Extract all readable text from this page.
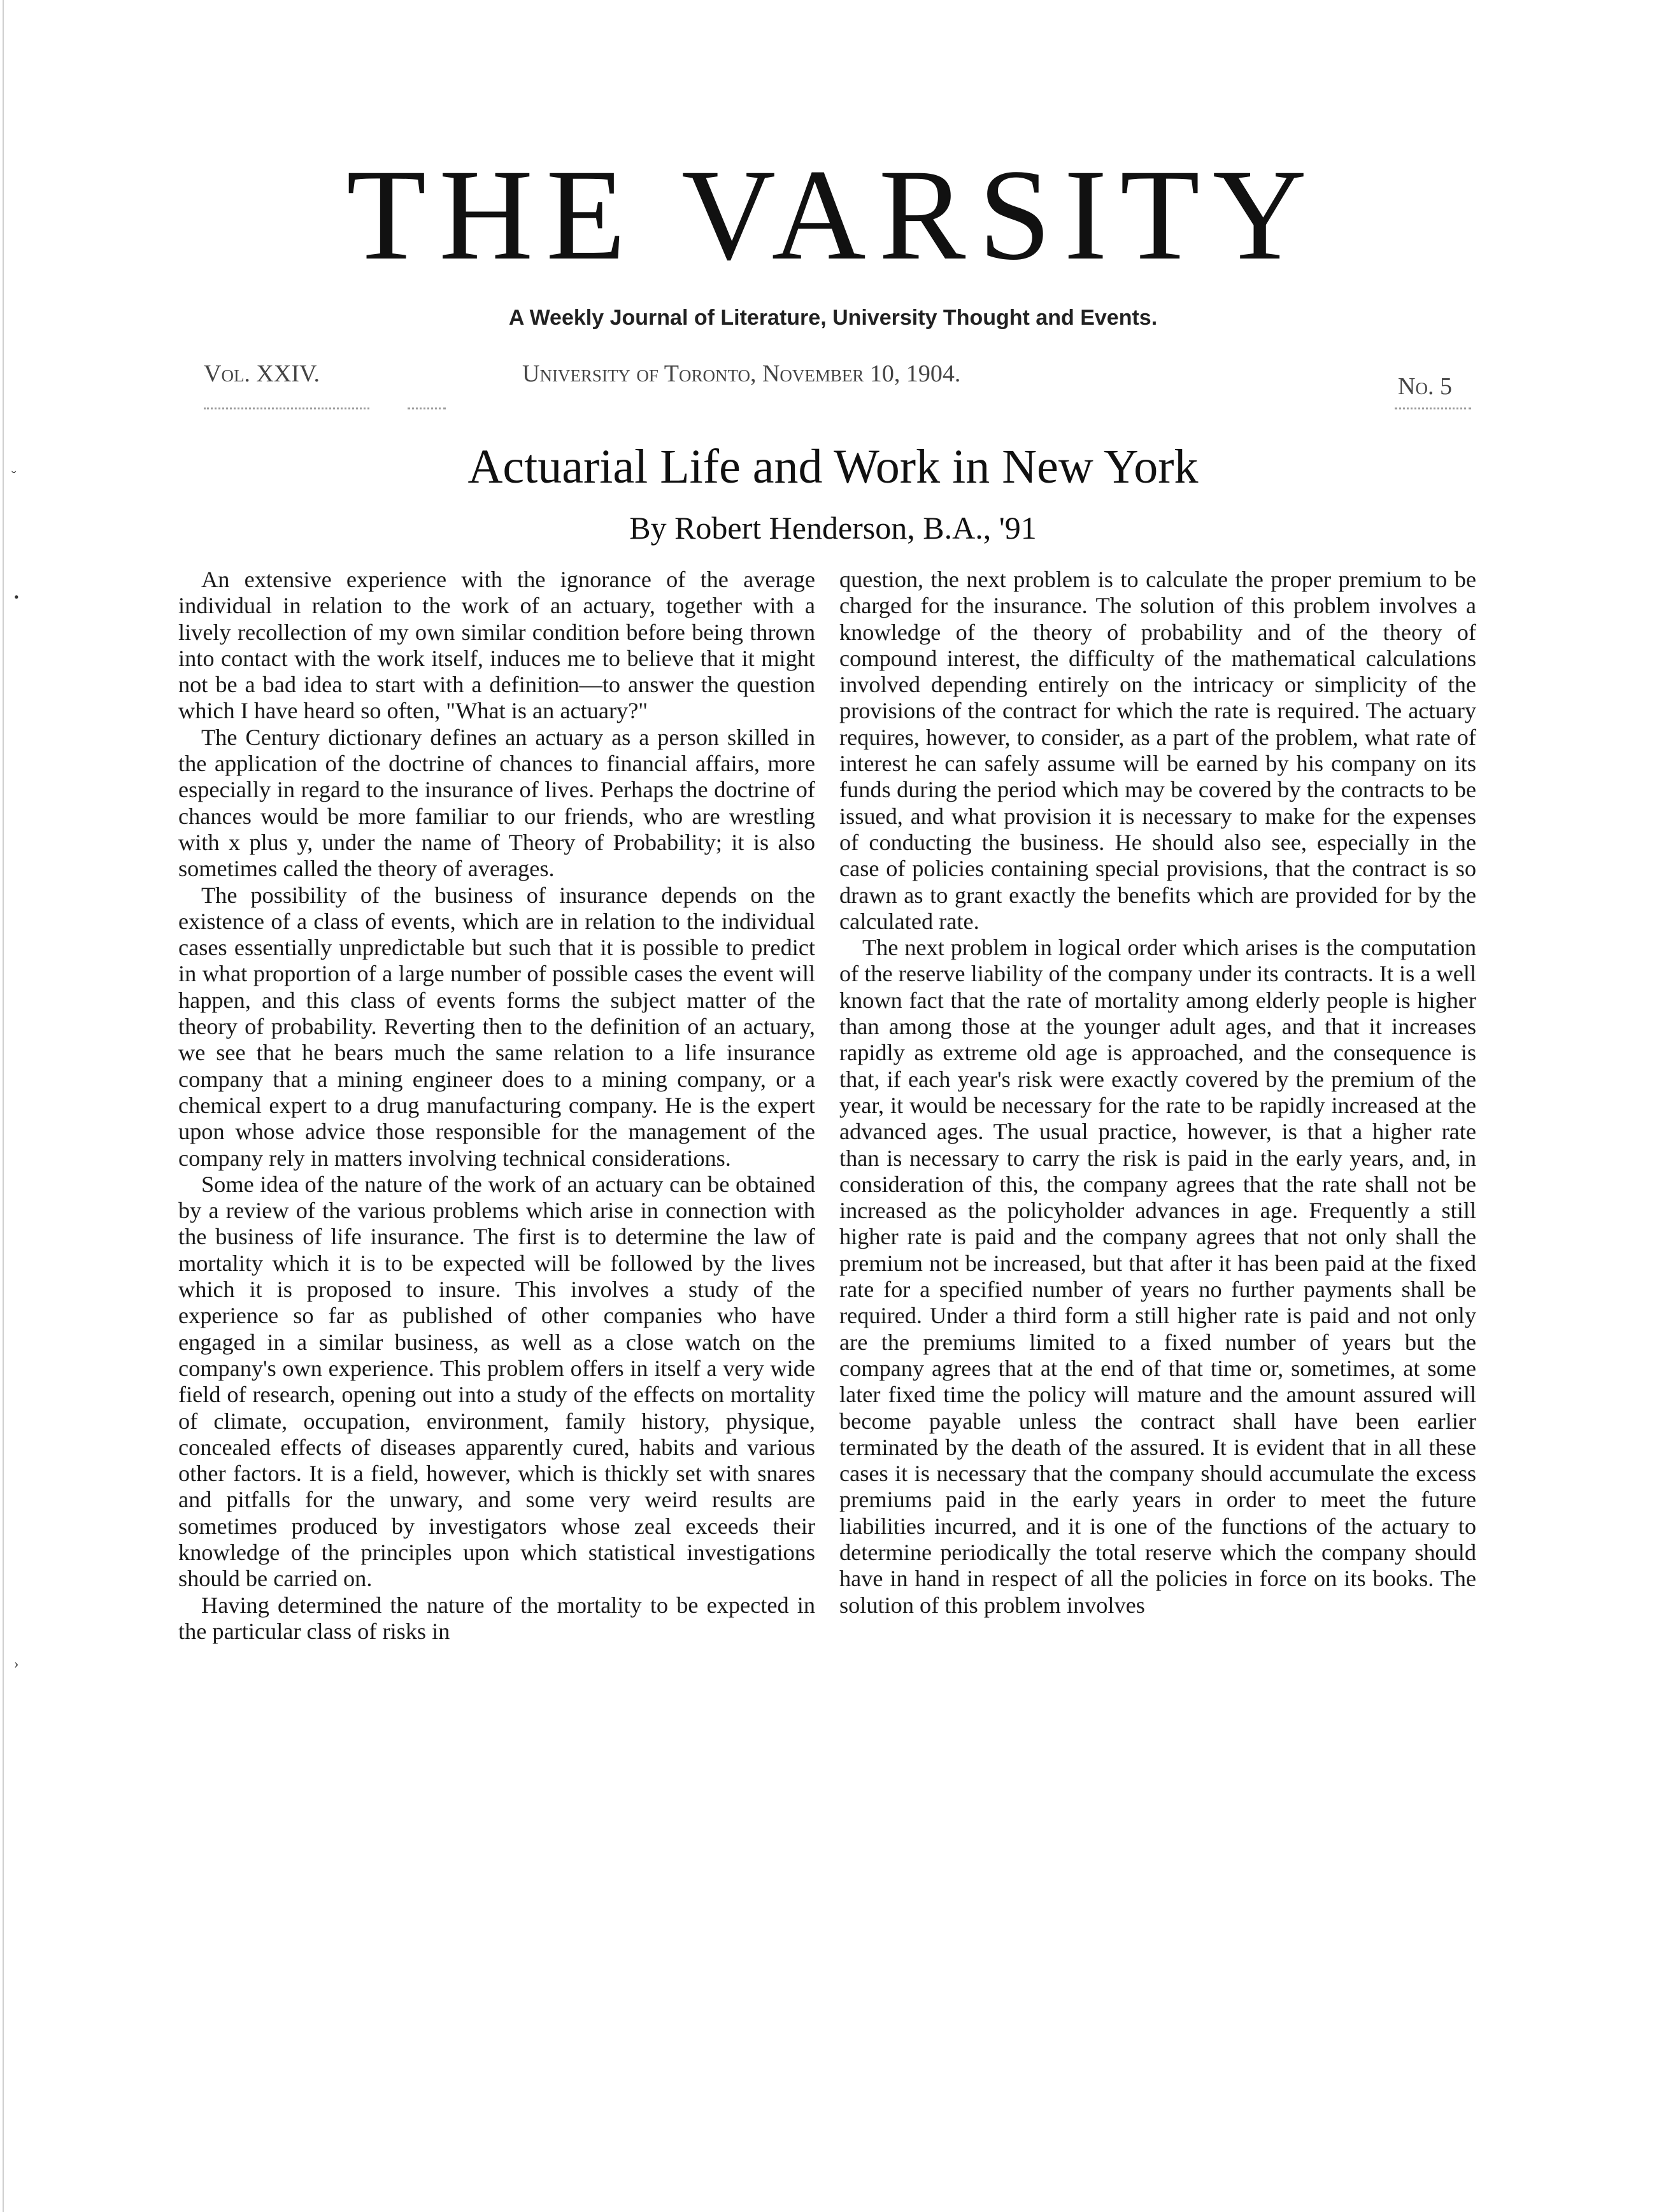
THE VARSITY
A Weekly Journal of Literature, University Thought and Events.
Vol. XXIV.	University of Toronto, November 10, 1904.	No. 5
Actuarial Life and Work in New York
By Robert Henderson, B.A., '91

An extensive experience with the ignorance of the average individual in relation to the work of an actuary, together with a lively recollection of my own similar condition before being thrown into contact with the work itself, induces me to believe that it might not be a bad idea to start with a definition—to answer the question which I have heard so often, "What is an actuary?"

The Century dictionary defines an actuary as a person skilled in the application of the doctrine of chances to financial affairs, more especially in regard to the insurance of lives. Perhaps the doctrine of chances would be more familiar to our friends, who are wrestling with x plus y, under the name of Theory of Probability; it is also sometimes called the theory of averages.

The possibility of the business of insurance depends on the existence of a class of events, which are in relation to the individual cases essentially unpredictable but such that it is possible to predict in what proportion of a large number of possible cases the event will happen, and this class of events forms the subject matter of the theory of probability. Reverting then to the definition of an actuary, we see that he bears much the same relation to a life insurance company that a mining engineer does to a mining company, or a chemical expert to a drug manufacturing company. He is the expert upon whose advice those responsible for the management of the company rely in matters involving technical considerations.

Some idea of the nature of the work of an actuary can be obtained by a review of the various problems which arise in connection with the business of life insurance. The first is to determine the law of mortality which it is to be expected will be followed by the lives which it is proposed to insure. This involves a study of the experience so far as published of other companies who have engaged in a similar business, as well as a close watch on the company's own experience. This problem offers in itself a very wide field of research, opening out into a study of the effects on mortality of climate, occupation, environment, family history, physique, concealed effects of diseases apparently cured, habits and various other factors. It is a field, however, which is thickly set with snares and pitfalls for the unwary, and some very weird results are sometimes produced by investigators whose zeal exceeds their knowledge of the principles upon which statistical investigations should be carried on.

Having determined the nature of the mortality to be expected in the particular class of risks in

question, the next problem is to calculate the proper premium to be charged for the insurance. The solution of this problem involves a knowledge of the theory of probability and of the theory of compound interest, the difficulty of the mathematical calculations involved depending entirely on the intricacy or simplicity of the provisions of the contract for which the rate is required. The actuary requires, however, to consider, as a part of the problem, what rate of interest he can safely assume will be earned by his company on its funds during the period which may be covered by the contracts to be issued, and what provision it is necessary to make for the expenses of conducting the business. He should also see, especially in the case of policies containing special provisions, that the contract is so drawn as to grant exactly the benefits which are provided for by the calculated rate.

The next problem in logical order which arises is the computation of the reserve liability of the company under its contracts. It is a well known fact that the rate of mortality among elderly people is higher than among those at the younger adult ages, and that it increases rapidly as extreme old age is approached, and the consequence is that, if each year's risk were exactly covered by the premium of the year, it would be necessary for the rate to be rapidly increased at the advanced ages. The usual practice, however, is that a higher rate than is necessary to carry the risk is paid in the early years, and, in consideration of this, the company agrees that the rate shall not be increased as the policyholder advances in age. Frequently a still higher rate is paid and the company agrees that not only shall the premium not be increased, but that after it has been paid at the fixed rate for a specified number of years no further payments shall be required. Under a third form a still higher rate is paid and not only are the premiums limited to a fixed number of years but the company agrees that at the end of that time or, sometimes, at some later fixed time the policy will mature and the amount assured will become payable unless the contract shall have been earlier terminated by the death of the assured. It is evident that in all these cases it is necessary that the company should accumulate the excess premiums paid in the early years in order to meet the future liabilities incurred, and it is one of the functions of the actuary to determine periodically the total reserve which the company should have in hand in respect of all the policies in force on its books. The solution of this problem involves

ˇ
•
›
